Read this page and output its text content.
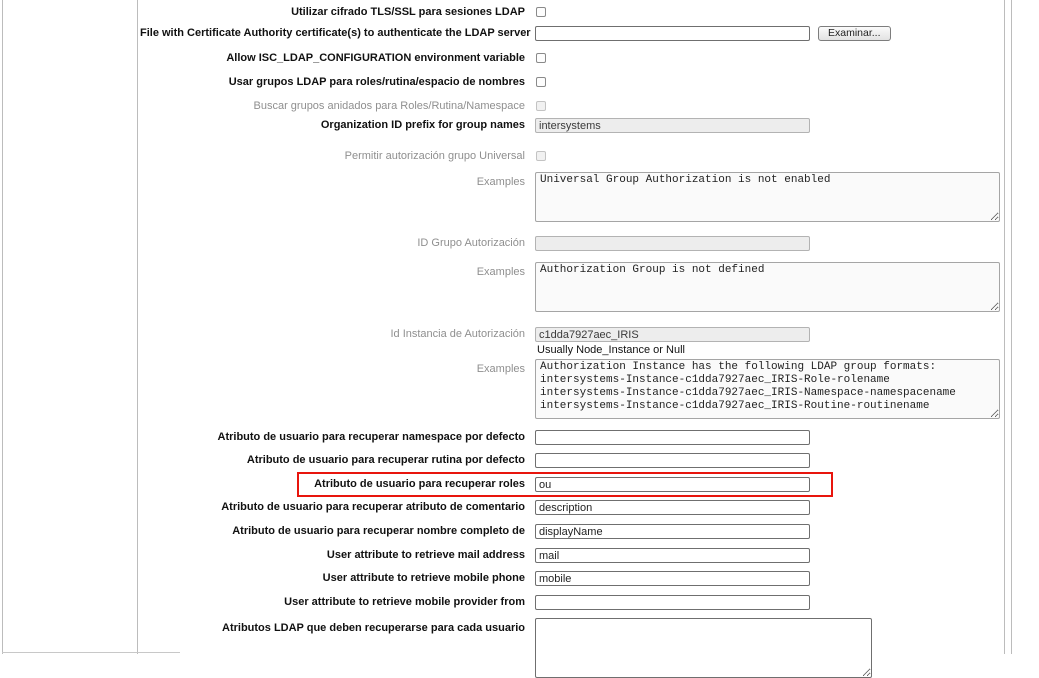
Utilizar cifrado TLS/SSL para sesiones LDAP
File with Certificate Authority certificate(s) to authenticate the LDAP server	Examinar...
Allow ISC_LDAP_CONFIGURATION environment variable
Usar grupos LDAP para roles/rutina/espacio de nombres
Buscar grupos anidados para Roles/Rutina/Namespace
Organization ID prefix for group names
intersystems
Permitir autorización grupo Universal
Examples
Universal Group Authorization is not enabled
ID Grupo Autorización
Examples
Authorization Group is not defined
Id Instancia de Autorización
c1dda7927aec_IRIS
Usually Node_Instance or Null
Examples
Authorization Instance has the following LDAP group formats: intersystems-Instance-c1dda7927aec_IRIS-Role-rolename intersystems-Instance-c1dda7927aec_IRIS-Namespace-namespacename intersystems-Instance-c1dda7927aec_IRIS-Routine-routinename
Atributo de usuario para recuperar namespace por defecto
Atributo de usuario para recuperar rutina por defecto
Atributo de usuario para recuperar roles
ou
Atributo de usuario para recuperar atributo de comentario
description
Atributo de usuario para recuperar nombre completo de
displayName
User attribute to retrieve mail address
mail
User attribute to retrieve mobile phone
mobile
User attribute to retrieve mobile provider from
Atributos LDAP que deben recuperarse para cada usuario
